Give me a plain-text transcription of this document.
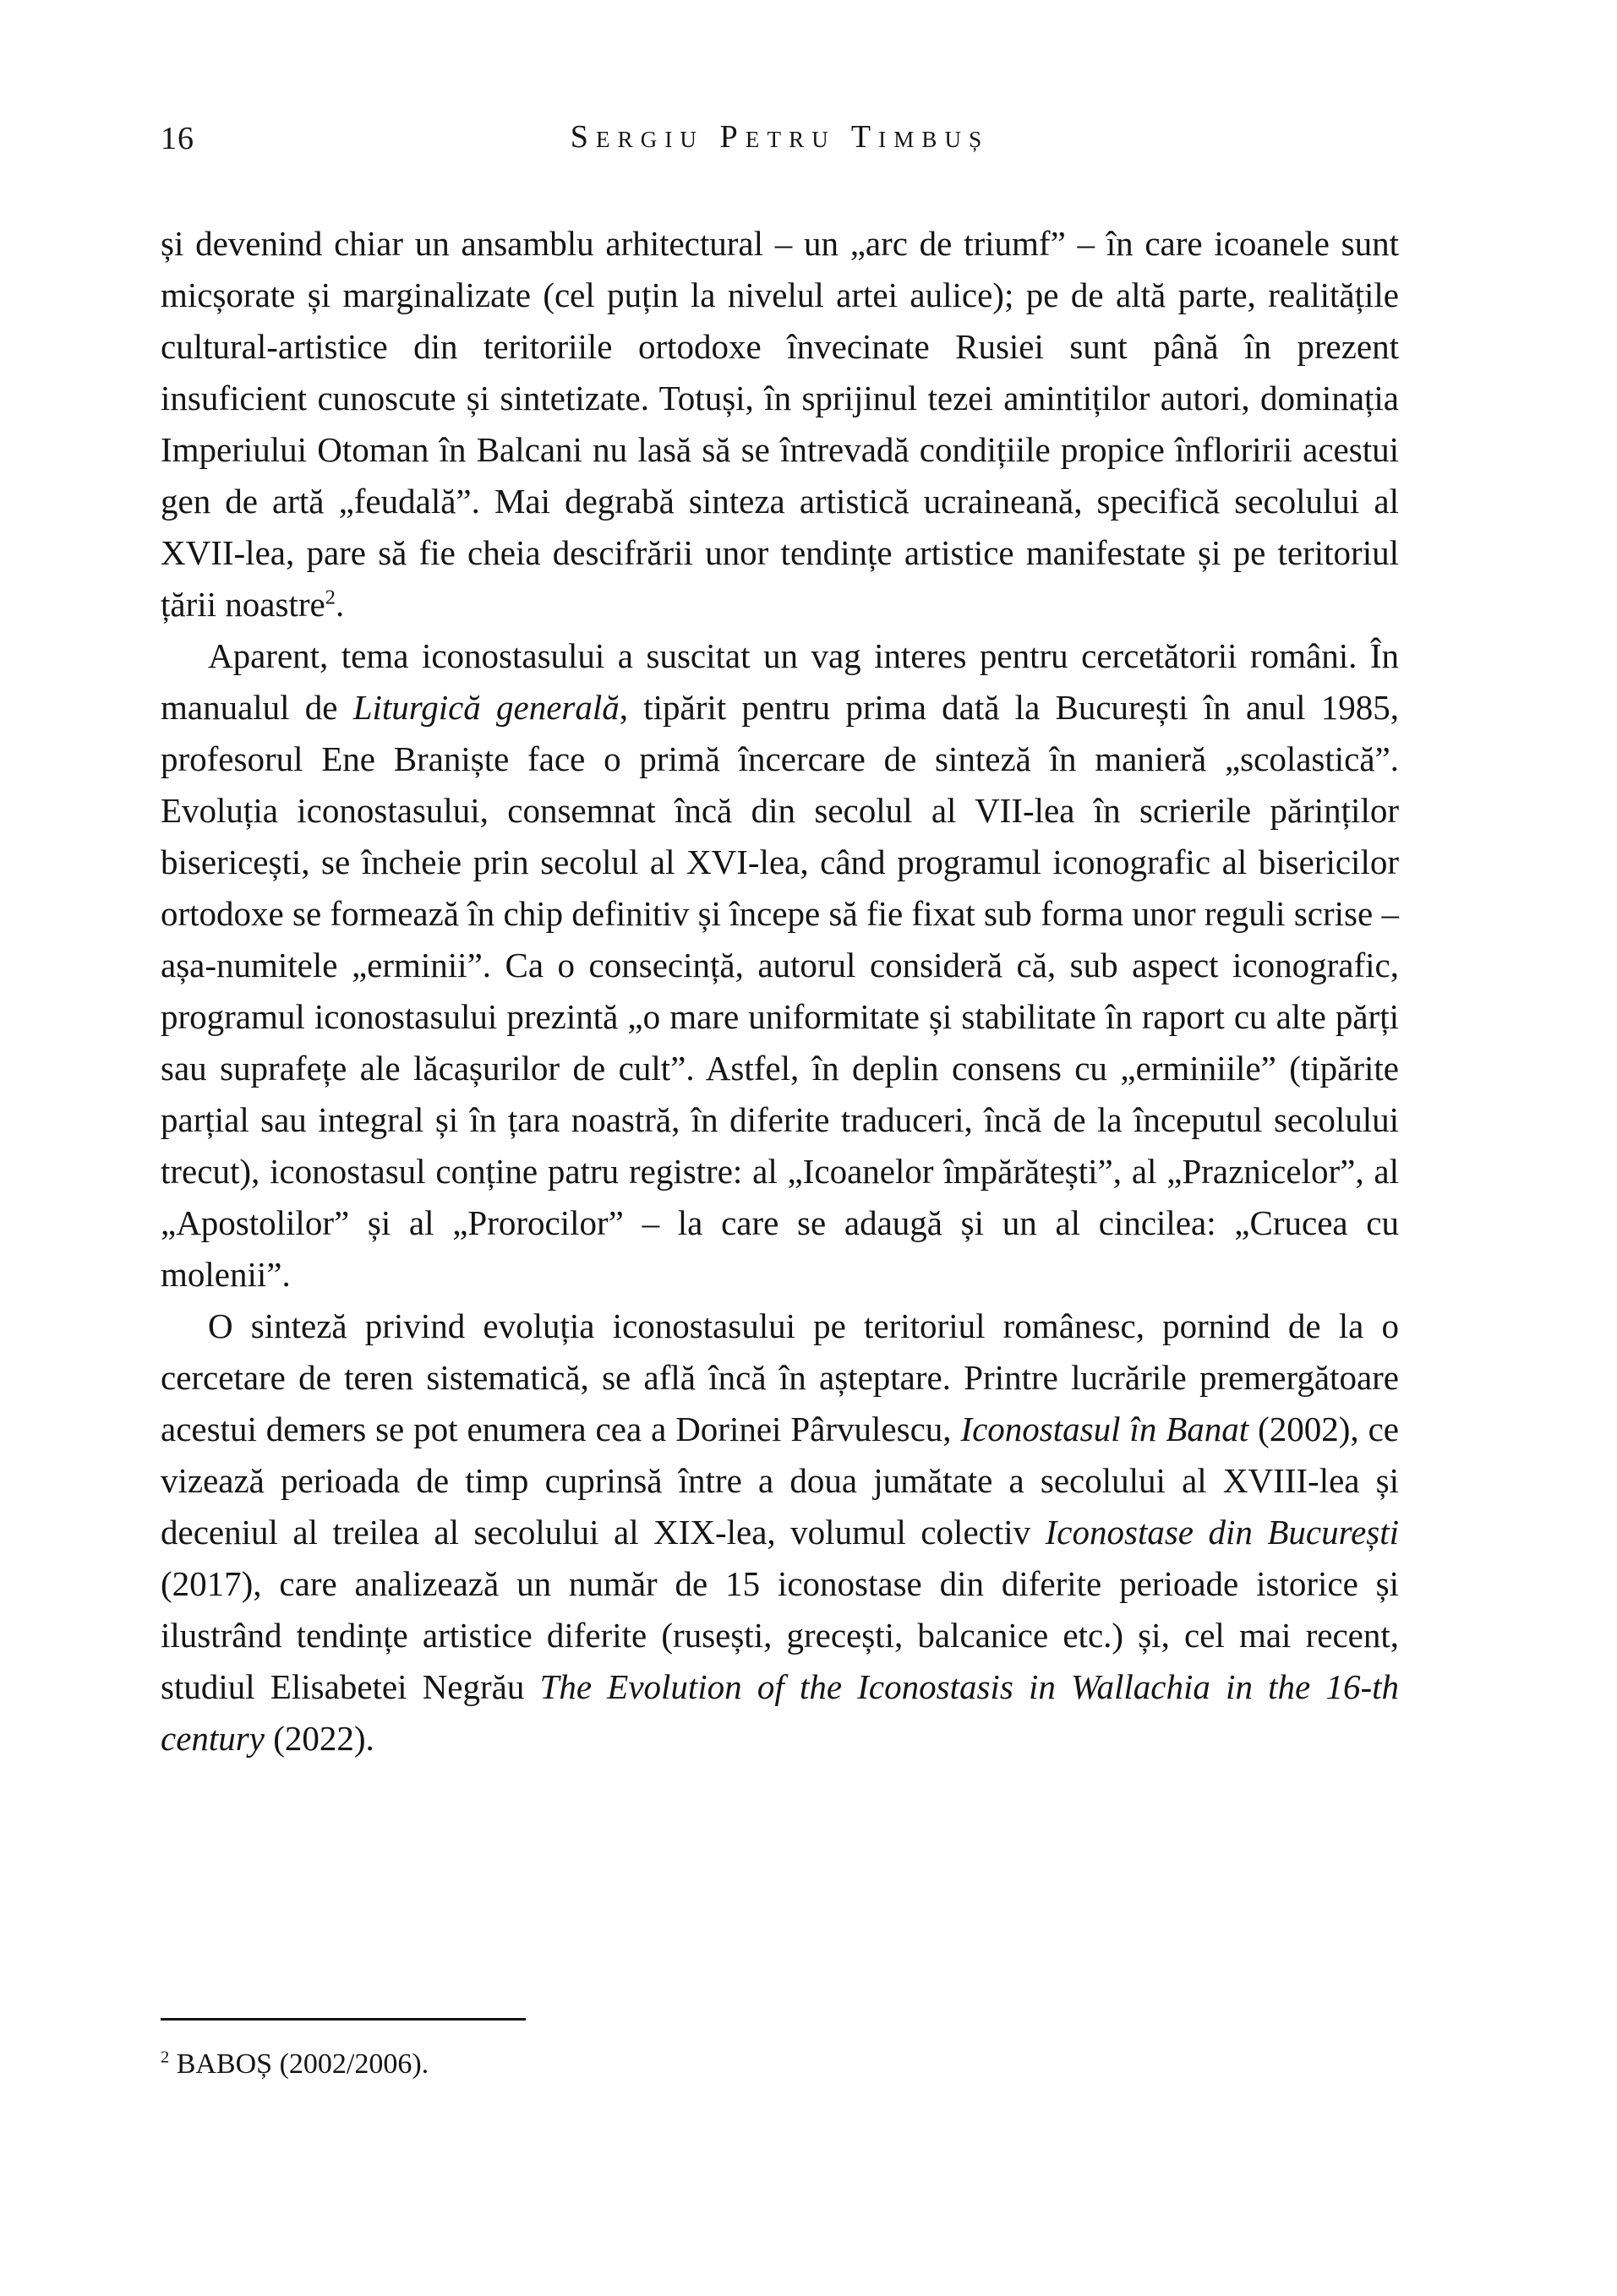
16	Sergiu Petru Timbuș

și devenind chiar un ansamblu arhitectural – un „arc de triumf” – în care icoanele sunt micșorate și marginalizate (cel puțin la nivelul artei aulice); pe de altă parte, realitățile cultural-artistice din teritoriile ortodoxe învecinate Rusiei sunt până în prezent insuficient cunoscute și sintetizate. Totuși, în sprijinul tezei amintiților autori, dominația Imperiului Otoman în Balcani nu lasă să se întrevadă condițiile propice înfloririi acestui gen de artă „feudală”. Mai degrabă sinteza artistică ucraineană, specifică secolului al XVII-lea, pare să fie cheia descifrării unor tendințe artistice manifestate și pe teritoriul țării noastre$^2$.

Aparent, tema iconostasului a suscitat un vag interes pentru cercetătorii români. În manualul de Liturgică generală, tipărit pentru prima dată la București în anul 1985, profesorul Ene Braniște face o primă încercare de sinteză în manieră „scolastică”. Evoluția iconostasului, consemnat încă din secolul al VII-lea în scrierile părinților bisericești, se încheie prin secolul al XVI-lea, când programul iconografic al bisericilor ortodoxe se formează în chip definitiv și începe să fie fixat sub forma unor reguli scrise – așa-numitele „erminii”. Ca o consecință, autorul consideră că, sub aspect iconografic, programul iconostasului prezintă „o mare uniformitate și stabilitate în raport cu alte părți sau suprafețe ale lăcașurilor de cult”. Astfel, în deplin consens cu „erminiile” (tipărite parțial sau integral și în țara noastră, în diferite traduceri, încă de la începutul secolului trecut), iconostasul conține patru registre: al „Icoanelor împărătești”, al „Praznicelor”, al „Apostolilor” și al „Prorocilor” – la care se adaugă și un al cincilea: „Crucea cu molenii”.

O sinteză privind evoluția iconostasului pe teritoriul românesc, pornind de la o cercetare de teren sistematică, se află încă în așteptare. Printre lucrările premergătoare acestui demers se pot enumera cea a Dorinei Pârvulescu, Iconostasul în Banat (2002), ce vizează perioada de timp cuprinsă între a doua jumătate a secolului al XVIII-lea și deceniul al treilea al secolului al XIX-lea, volumul colectiv Iconostase din București (2017), care analizează un număr de 15 iconostase din diferite perioade istorice și ilustrând tendințe artistice diferite (rusești, grecești, balcanice etc.) și, cel mai recent, studiul Elisabetei Negrău The Evolution of the Iconostasis in Wallachia in the 16-th century (2022).

$^2$ BABOȘ (2002/2006).
